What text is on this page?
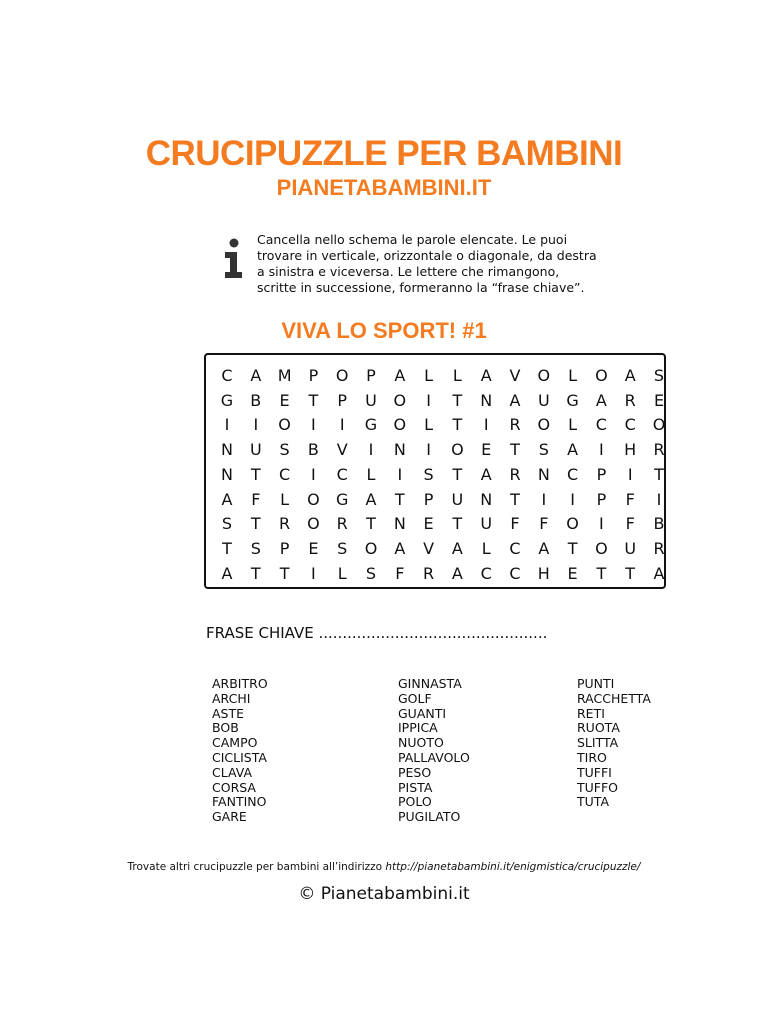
CRUCIPUZZLE PER BAMBINI
PIANETABAMBINI.IT
Cancella nello schema le parole elencate. Le puoi
trovare in verticale, orizzontale o diagonale, da destra
a sinistra e viceversa. Le lettere che rimangono,
scritte in successione, formeranno la “frase chiave”.
VIVA LO SPORT! #1
C	A	M	P	O	P	A	L	L	A	V	O	L	O	A	S
G	B	E	T	P	U	O	I	T	N	A	U	G	A	R	E
I	I	O	I	I	G	O	L	T	I	R	O	L	C	C	O
N	U	S	B	V	I	N	I	O	E	T	S	A	I	H	R
N	T	C	I	C	L	I	S	T	A	R	N	C	P	I	T
A	F	L	O	G	A	T	P	U	N	T	I	I	P	F	I
S	T	R	O	R	T	N	E	T	U	F	F	O	I	F	B
T	S	P	E	S	O	A	V	A	L	C	A	T	O	U	R
A	T	T	I	L	S	F	R	A	C	C	H	E	T	T	A
FRASE CHIAVE ................................................
ARBITRO
ARCHI
ASTE
BOB
CAMPO
CICLISTA
CLAVA
CORSA
FANTINO
GARE
GINNASTA
GOLF
GUANTI
IPPICA
NUOTO
PALLAVOLO
PESO
PISTA
POLO
PUGILATO
PUNTI
RACCHETTA
RETI
RUOTA
SLITTA
TIRO
TUFFI
TUFFO
TUTA
Trovate altri crucipuzzle per bambini all’indirizzo http://pianetabambini.it/enigmistica/crucipuzzle/
© Pianetabambini.it
